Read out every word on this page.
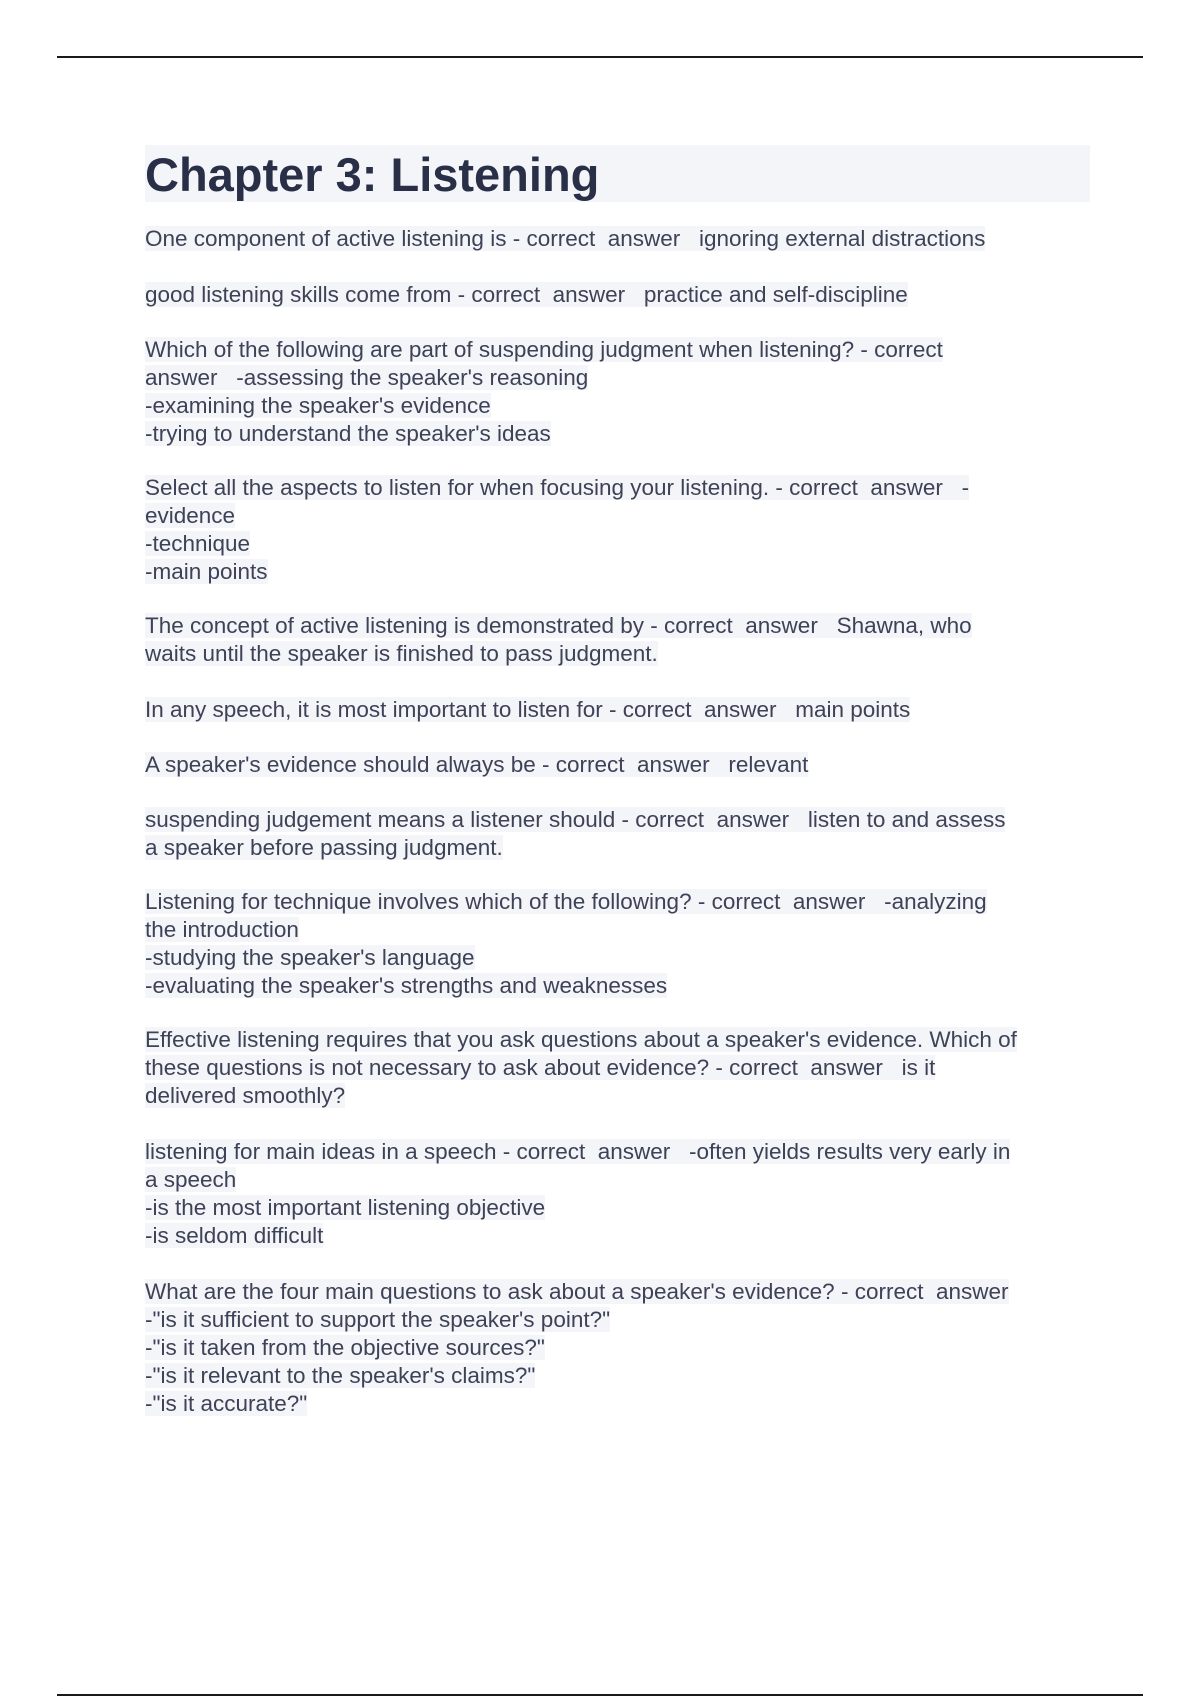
Chapter 3: Listening
One component of active listening is - correct  answer   ignoring external distractions
good listening skills come from - correct  answer   practice and self-discipline
Which of the following are part of suspending judgment when listening? - correct
answer   -assessing the speaker's reasoning
-examining the speaker's evidence
-trying to understand the speaker's ideas
Select all the aspects to listen for when focusing your listening. - correct  answer   -
evidence
-technique
-main points
The concept of active listening is demonstrated by - correct  answer   Shawna, who
waits until the speaker is finished to pass judgment.
In any speech, it is most important to listen for - correct  answer   main points
A speaker's evidence should always be - correct  answer   relevant
suspending judgement means a listener should - correct  answer   listen to and assess
a speaker before passing judgment.
Listening for technique involves which of the following? - correct  answer   -analyzing
the introduction
-studying the speaker's language
-evaluating the speaker's strengths and weaknesses
Effective listening requires that you ask questions about a speaker's evidence. Which of
these questions is not necessary to ask about evidence? - correct  answer   is it
delivered smoothly?
listening for main ideas in a speech - correct  answer   -often yields results very early in
a speech
-is the most important listening objective
-is seldom difficult
What are the four main questions to ask about a speaker's evidence? - correct  answer
-"is it sufficient to support the speaker's point?"
-"is it taken from the objective sources?"
-"is it relevant to the speaker's claims?"
-"is it accurate?"
